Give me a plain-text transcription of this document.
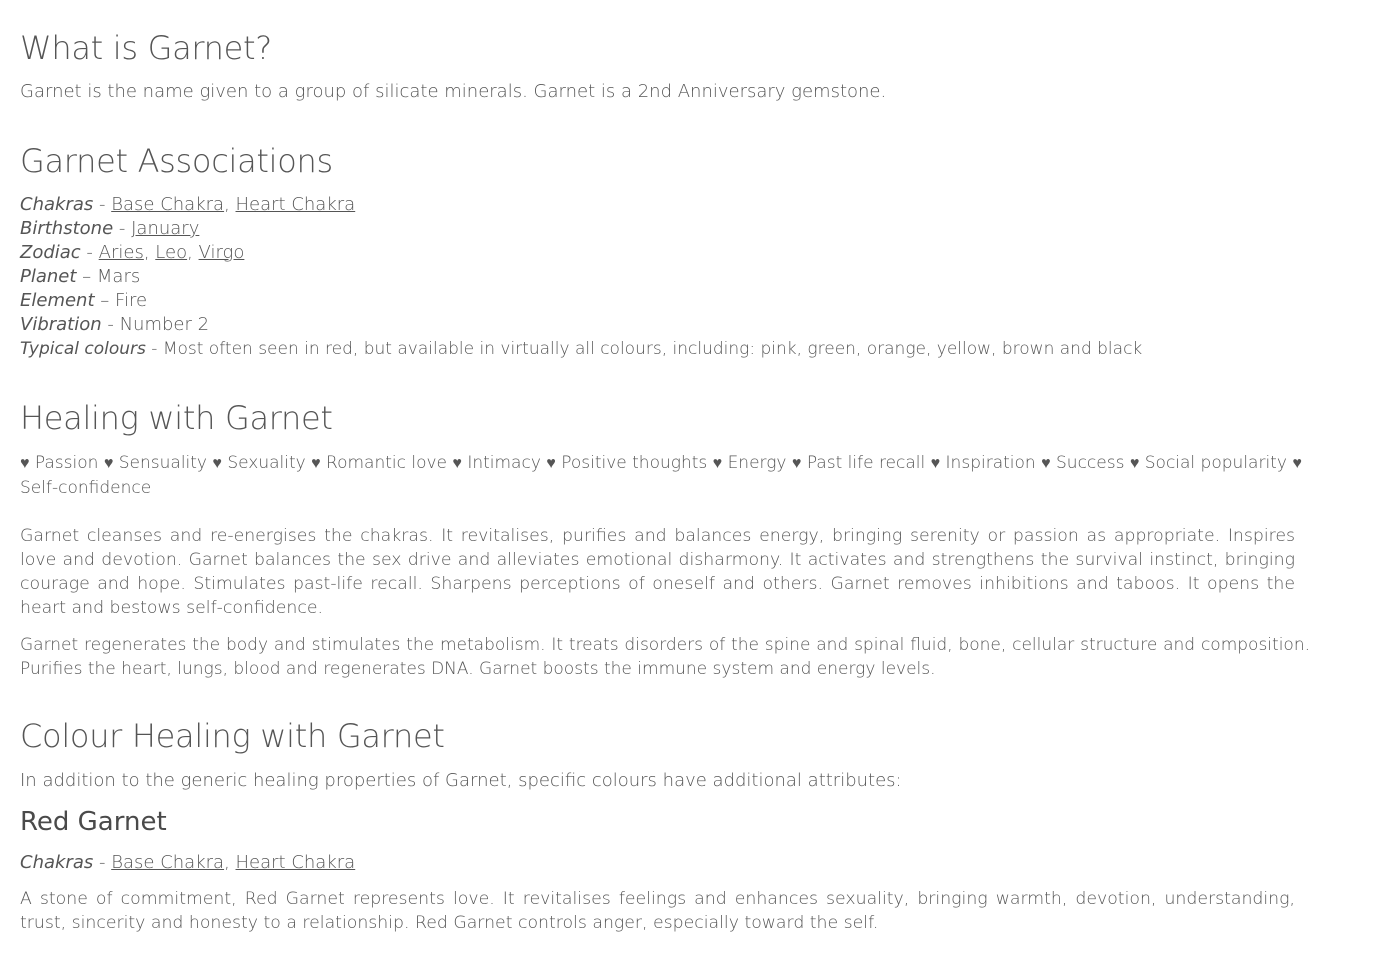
What is Garnet?

Garnet is the name given to a group of silicate minerals. Garnet is a 2nd Anniversary gemstone.

Garnet Associations

Chakras - Base Chakra, Heart Chakra

Birthstone - January

Zodiac - Aries, Leo, Virgo

Planet – Mars

Element – Fire

Vibration - Number 2

Typical colours - Most often seen in red, but available in virtually all colours, including: pink, green, orange, yellow, brown and black

Healing with Garnet

♥ Passion ♥ Sensuality ♥ Sexuality ♥ Romantic love ♥ Intimacy ♥ Positive thoughts ♥ Energy ♥ Past life recall ♥ Inspiration ♥ Success ♥ Social popularity ♥ Self-confidence

Garnet cleanses and re-energises the chakras. It revitalises, purifies and balances energy, bringing serenity or passion as appropriate. Inspires love and devotion. Garnet balances the sex drive and alleviates emotional disharmony. It activates and strengthens the survival instinct, bringing courage and hope. Stimulates past-life recall. Sharpens perceptions of oneself and others. Garnet removes inhibitions and taboos. It opens the heart and bestows self-confidence.

Garnet regenerates the body and stimulates the metabolism. It treats disorders of the spine and spinal fluid, bone, cellular structure and composition. Purifies the heart, lungs, blood and regenerates DNA. Garnet boosts the immune system and energy levels.

Colour Healing with Garnet

In addition to the generic healing properties of Garnet, specific colours have additional attributes:

Red Garnet

Chakras - Base Chakra, Heart Chakra

A stone of commitment, Red Garnet represents love. It revitalises feelings and enhances sexuality, bringing warmth, devotion, understanding, trust, sincerity and honesty to a relationship. Red Garnet controls anger, especially toward the self.
